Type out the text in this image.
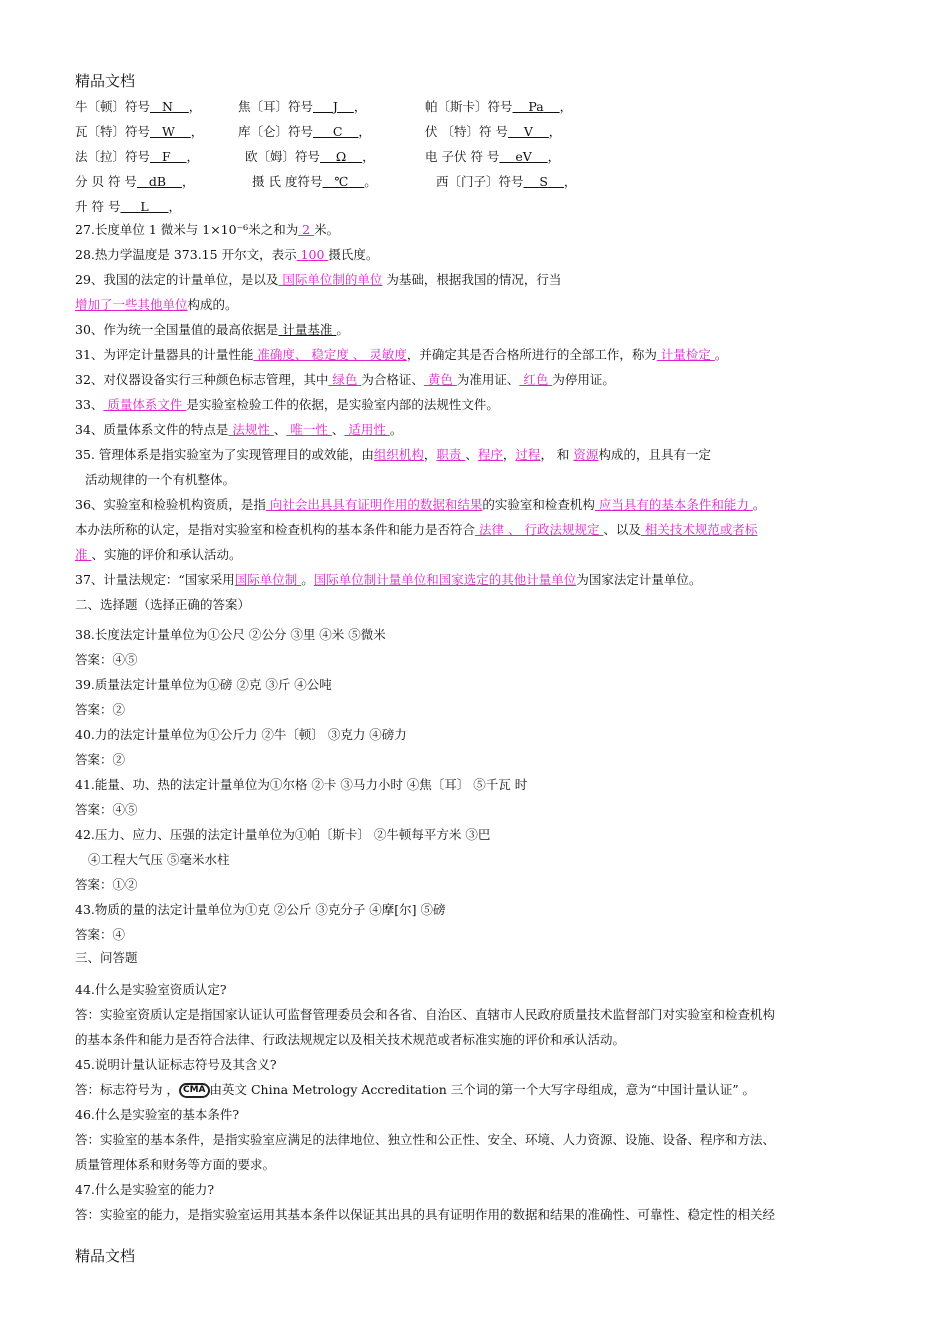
精品文档
牛〔顿〕符号 N ，	焦〔耳〕符号 J ，	帕〔斯卡〕符号 Pa ，
瓦〔特〕符号 W ，	库〔仑〕符号 C ，	伏 〔特〕符 号 V ，
法〔拉〕符号 F ，	欧〔姆〕符号 Ω ，	电 子伏 符 号 eV ，
分 贝 符 号 dB ，	摄 氏 度符号 ℃ 。	西〔门子〕符号 S ，
升 符 号 L ，
27.长度单位 1 微米与 1×10⁻⁶米之和为 2 米。
28.热力学温度是 373.15 开尔文，表示 100 摄氏度。
29、我国的法定的计量单位，是以及 国际单位制的单位 为基础，根据我国的情况，行当
增加了一些其他单位构成的。
30、作为统一全国量值的最高依据是 计量基准 。
31、为评定计量器具的计量性能 准确度、 稳定度 、 灵敏度，并确定其是否合格所进行的全部工作，称为 计量检定 。
32、对仪器设备实行三种颜色标志管理，其中 绿色 为合格证、 黄色 为准用证、 红色 为停用证。
33、 质量体系文件 是实验室检验工件的依据，是实验室内部的法规性文件。
34、质量体系文件的特点是 法规性 、 唯一性 、 适用性 。
35. 管理体系是指实验室为了实现管理目的或效能，由组织机构，职责 、程序，过程， 和 资源构成的，且具有一定
活动规律的一个有机整体。
36、实验室和检验机构资质，是指 向社会出具具有证明作用的数据和结果的实验室和检查机构 应当具有的基本条件和能力 。
本办法所称的认定，是指对实验室和检查机构的基本条件和能力是否符合 法律 、 行政法规规定 、以及 相关技术规范或者标
准 、实施的评价和承认活动。
37、计量法规定：“国家采用国际单位制 。国际单位制计量单位和国家选定的其他计量单位为国家法定计量单位。
二、选择题（选择正确的答案）
38.长度法定计量单位为①公尺 ②公分 ③里 ④米 ⑤微米
答案：④⑤
39.质量法定计量单位为①磅 ②克 ③斤 ④公吨
答案：②
40.力的法定计量单位为①公斤力 ②牛〔顿〕 ③克力 ④磅力
答案：②
41.能量、功、热的法定计量单位为①尔格 ②卡 ③马力小时 ④焦〔耳〕 ⑤千瓦 时
答案：④⑤
42.压力、应力、压强的法定计量单位为①帕〔斯卡〕 ②牛顿每平方米 ③巴
④工程大气压 ⑤毫米水柱
答案：①②
43.物质的量的法定计量单位为①克 ②公斤 ③克分子 ④摩[尔] ⑤磅
答案：④
三、问答题
44.什么是实验室资质认定?
答：实验室资质认定是指国家认证认可监督管理委员会和各省、自治区、直辖市人民政府质量技术监督部门对实验室和检查机构
的基本条件和能力是否符合法律、行政法规规定以及相关技术规范或者标准实施的评价和承认活动。
45.说明计量认证标志符号及其含义?
答：标志符号为 ， CMA 由英文 China Metrology Accreditation 三个词的第一个大写字母组成，意为“中国计量认证” 。
46.什么是实验室的基本条件?
答：实验室的基本条件，是指实验室应满足的法律地位、独立性和公正性、安全、环境、人力资源、设施、设备、程序和方法、
质量管理体系和财务等方面的要求。
47.什么是实验室的能力?
答：实验室的能力，是指实验室运用其基本条件以保证其出具的具有证明作用的数据和结果的准确性、可靠性、稳定性的相关经
精品文档
